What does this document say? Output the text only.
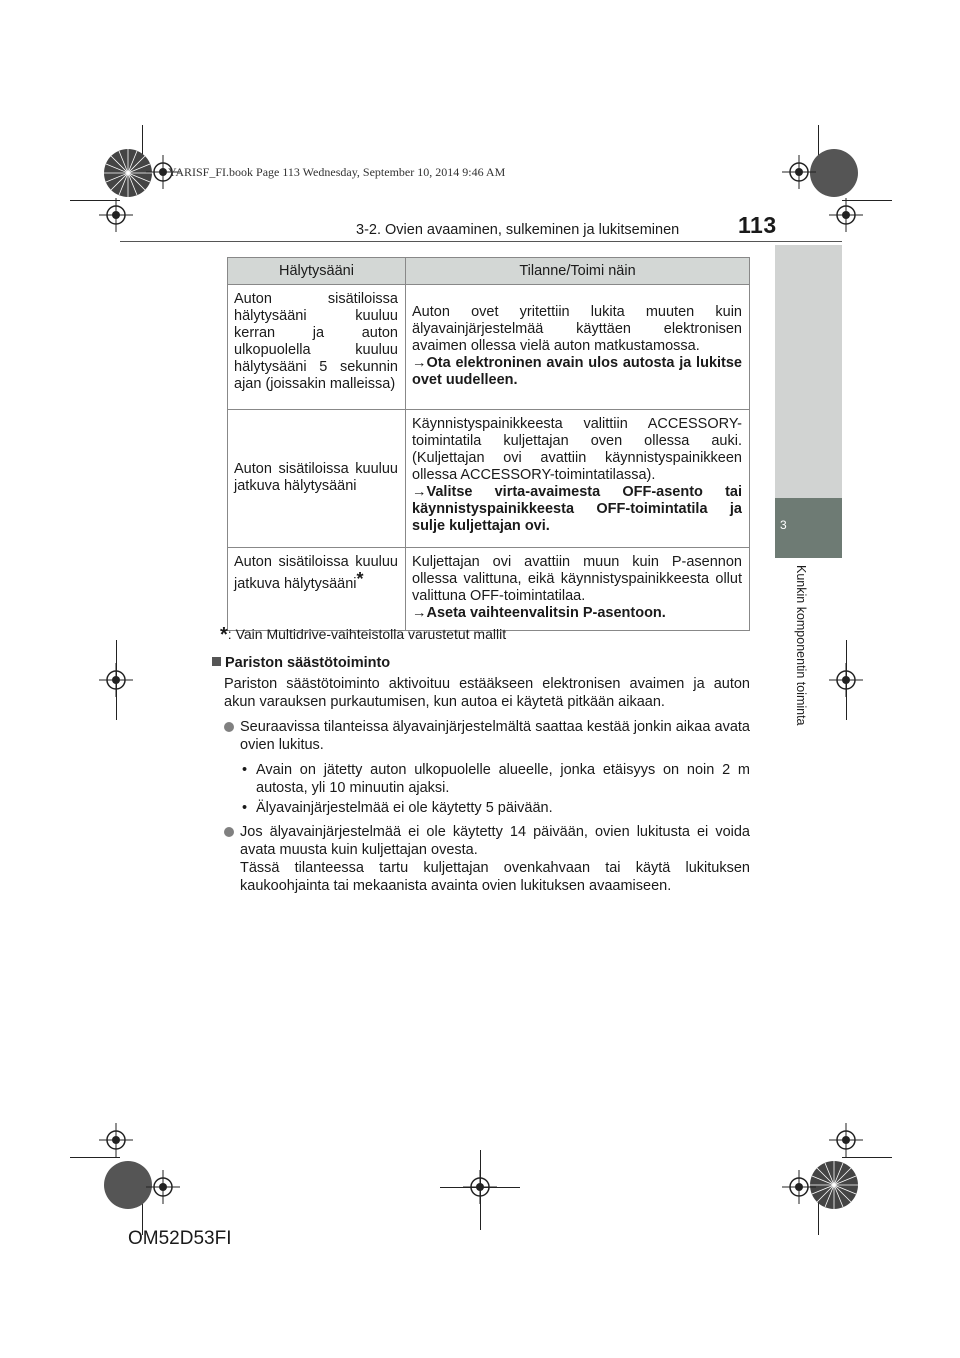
YARISF_FI.book Page 113 Wednesday, September 10, 2014 9:46 AM
3-2. Ovien avaaminen, sulkeminen ja lukitseminen	113
3
Kunkin komponentin toiminta
Hälytysääni	Tilanne/Toimi näin
Auton sisätiloissa hälytysääni kuuluu kerran ja auton ulkopuolella kuuluu hälytysääni 5 sekunnin ajan (joissakin malleissa)	Auton ovet yritettiin lukita muuten kuin älyavainjärjestelmää käyttäen elektronisen avaimen ollessa vielä auton matkustamossa.
→Ota elektroninen avain ulos autosta ja lukitse ovet uudelleen.
Auton sisätiloissa kuuluu jatkuva hälytysääni	Käynnistyspainikkeesta valittiin ACCESSORY-toimintatila kuljettajan oven ollessa auki. (Kuljettajan ovi avattiin käynnistyspainikkeen ollessa ACCESSORY-toimintatilassa).
→Valitse virta-avaimesta OFF-asento tai käynnistyspainikkeesta OFF-toimintatila ja sulje kuljettajan ovi.
Auton sisätiloissa kuuluu jatkuva hälytysääni*	Kuljettajan ovi avattiin muun kuin P-asennon ollessa valittuna, eikä käynnistyspainikkeesta ollut valittuna OFF-toimintatilaa.
→Aseta vaihteenvalitsin P-asentoon.
*: Vain Multidrive-vaihteistolla varustetut mallit
Pariston säästötoiminto
Pariston säästötoiminto aktivoituu estääkseen elektronisen avaimen ja auton akun varauksen purkautumisen, kun autoa ei käytetä pitkään aikaan.
Seuraavissa tilanteissa älyavainjärjestelmältä saattaa kestää jonkin aikaa avata ovien lukitus.
• Avain on jätetty auton ulkopuolelle alueelle, jonka etäisyys on noin 2 m autosta, yli 10 minuutin ajaksi.
• Älyavainjärjestelmää ei ole käytetty 5 päivään.
Jos älyavainjärjestelmää ei ole käytetty 14 päivään, ovien lukitusta ei voida avata muusta kuin kuljettajan ovesta.
Tässä tilanteessa tartu kuljettajan ovenkahvaan tai käytä lukituksen kaukoohjainta tai mekaanista avainta ovien lukituksen avaamiseen.
OM52D53FI
